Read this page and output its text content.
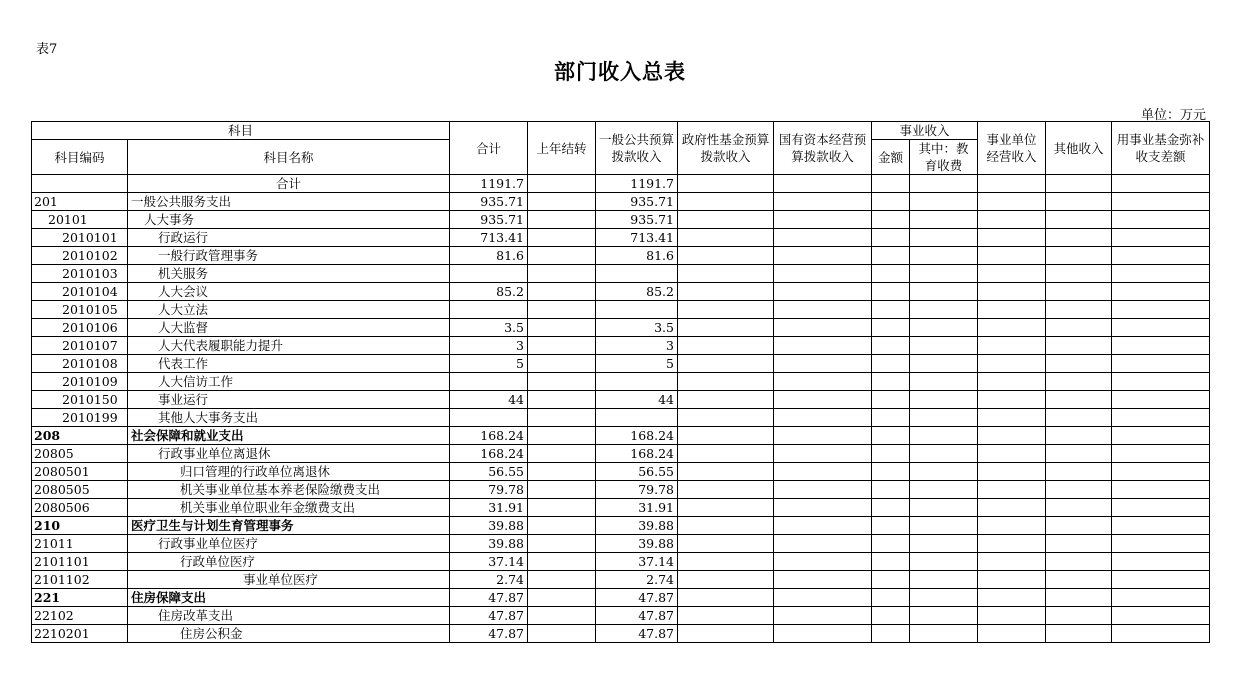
表7
部门收入总表
单位：万元
科目		合计	上年结转	一般公共预算拨款收入	政府性基金预算拨款收入	国有资本经营预算拨款收入	事业收入		事业单位经营收入	其他收入	用事业基金弥补收支差额
科目编码	科目名称						金额	其中：教育收费			

	合计	1191.7		1191.7							
201	一般公共服务支出	935.71		935.71							
20101	人大事务	935.71		935.71							
2010101	行政运行	713.41		713.41							
2010102	一般行政管理事务	81.6		81.6							
2010103	机关服务										
2010104	人大会议	85.2		85.2							
2010105	人大立法										
2010106	人大监督	3.5		3.5							
2010107	人大代表履职能力提升	3		3							
2010108	代表工作	5		5							
2010109	人大信访工作										
2010150	事业运行	44		44							
2010199	其他人大事务支出										
208	社会保障和就业支出	168.24		168.24							
20805	行政事业单位离退休	168.24		168.24							
2080501	归口管理的行政单位离退休	56.55		56.55							
2080505	机关事业单位基本养老保险缴费支出	79.78		79.78							
2080506	机关事业单位职业年金缴费支出	31.91		31.91							
210	医疗卫生与计划生育管理事务	39.88		39.88							
21011	行政事业单位医疗	39.88		39.88							
2101101	行政单位医疗	37.14		37.14							
2101102	事业单位医疗	2.74		2.74							
221	住房保障支出	47.87		47.87							
22102	住房改革支出	47.87		47.87							
2210201	住房公积金	47.87		47.87							
